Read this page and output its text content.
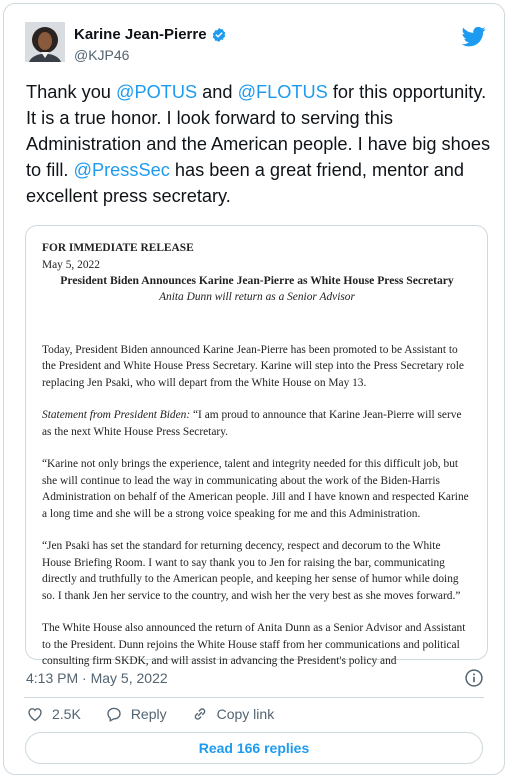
Karine Jean-Pierre
@KJP46
Thank you @POTUS and @FLOTUS for this opportunity. It is a true honor. I look forward to serving this Administration and the American people. I have big shoes to fill. @PressSec has been a great friend, mentor and excellent press secretary.

FOR IMMEDIATE RELEASE

May 5, 2022

President Biden Announces Karine Jean-Pierre as White House Press Secretary

Anita Dunn will return as a Senior Advisor

Today, President Biden announced Karine Jean-Pierre has been promoted to be Assistant to the President and White House Press Secretary. Karine will step into the Press Secretary role replacing Jen Psaki, who will depart from the White House on May 13.

Statement from President Biden: “I am proud to announce that Karine Jean-Pierre will serve as the next White House Press Secretary.

“Karine not only brings the experience, talent and integrity needed for this difficult job, but she will continue to lead the way in communicating about the work of the Biden-Harris Administration on behalf of the American people. Jill and I have known and respected Karine a long time and she will be a strong voice speaking for me and this Administration.

“Jen Psaki has set the standard for returning decency, respect and decorum to the White House Briefing Room. I want to say thank you to Jen for raising the bar, communicating directly and truthfully to the American people, and keeping her sense of humor while doing so. I thank Jen her service to the country, and wish her the very best as she moves forward.”

The White House also announced the return of Anita Dunn as a Senior Advisor and Assistant to the President. Dunn rejoins the White House staff from her communications and political consulting firm SKDK, and will assist in advancing the President's policy and

4:13 PM · May 5, 2022
2.5K	Reply	Copy link
Read 166 replies
